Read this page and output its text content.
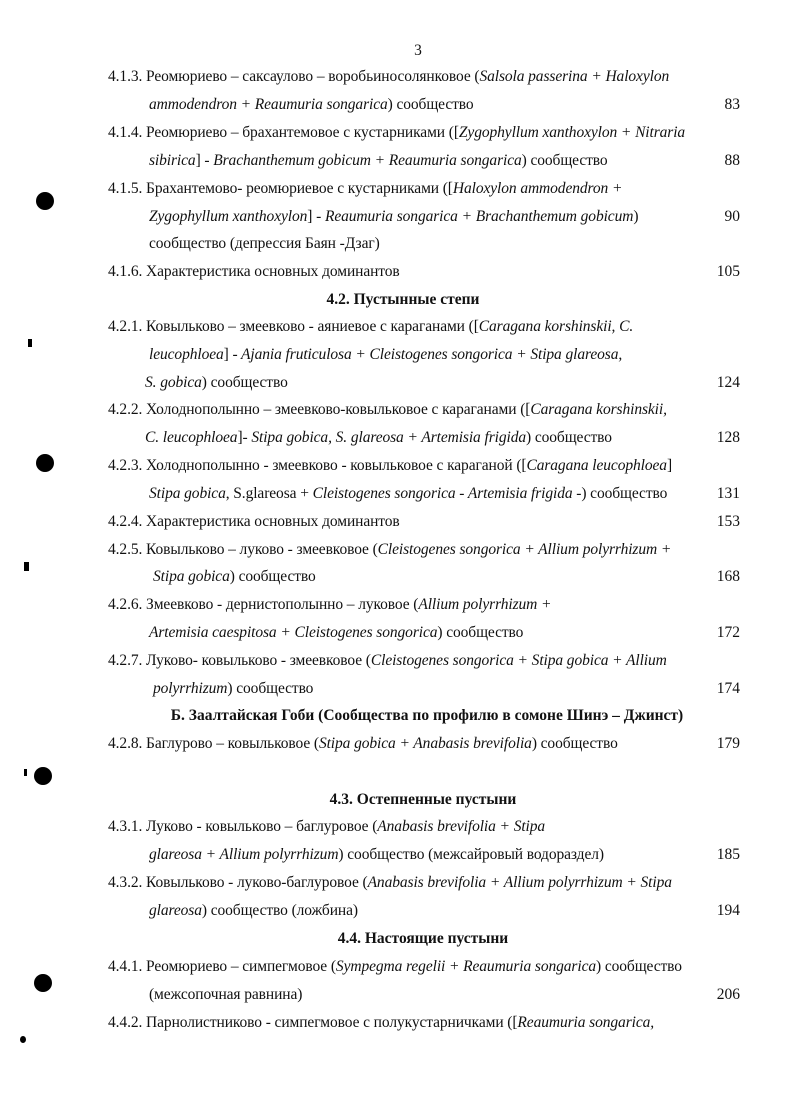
3
4.1.3. Реомюриево – саксаулово – воробьиносолянковое (Salsola passerina + Haloxylon
ammodendron + Reaumuria songarica) сообщество
4.1.4. Реомюриево – брахантемовое с кустарниками ([Zygophyllum xanthoxylon + Nitraria
sibirica] - Brachanthemum gobicum + Reaumuria songarica) сообщество
4.1.5. Брахантемово- реомюриевое с кустарниками ([Haloxylon ammodendron +
Zygophyllum xanthoxylon] - Reaumuria songarica + Brachanthemum gobicum)
сообщество (депрессия Баян -Дзаг)
4.1.6. Характеристика основных доминантов
4.2.1. Ковыльково – змеевково - аяниевое с караганами ([Caragana korshinskii, C.
leucophloea] - Ajania fruticulosa + Cleistogenes songorica + Stipa glareosa,
S. gobica) сообщество
4.2.2. Холоднополынно – змеевково-ковыльковое с караганами ([Caragana korshinskii,
C. leucophloea]- Stipa gobica, S. glareosa + Artemisia frigida) сообщество
4.2.3. Холоднополынно - змеевково - ковыльковое с караганой ([Caragana leucophloea]
Stipa gobica, S.glareosa + Cleistogenes songorica - Artemisia frigida -) сообщество
4.2.4. Характеристика основных доминантов
4.2.5. Ковыльково – луково - змеевковое (Cleistogenes songorica + Allium polyrrhizum +
Stipa gobica) сообщество
4.2.6. Змеевково - дернистополынно – луковое (Allium polyrrhizum +
Artemisia caespitosa + Cleistogenes songorica) сообщество
4.2.7. Луково- ковыльково - змеевковое (Cleistogenes songorica + Stipa gobica + Allium
polyrrhizum) сообщество
4.2.8. Баглурово – ковыльковое (Stipa gobica + Anabasis brevifolia) сообщество
4.3.1. Луково - ковыльково – баглуровое (Anabasis brevifolia + Stipa
glareosa + Allium polyrrhizum) сообщество (межсайровый водораздел)
4.3.2. Ковыльково - луково-баглуровое (Anabasis brevifolia + Allium polyrrhizum + Stipa
glareosa) сообщество (ложбина)
4.4.1. Реомюриево – симпегмовое (Sympegma regelii + Reaumuria songarica) сообщество
(межсопочная равнина)
4.4.2. Парнолистниково - симпегмовое с полукустарничками ([Reaumuria songarica,
83
88
90
105
124
128
131
153
168
172
174
179
185
194
206
4.2. Пустынные степи
Б. Заалтайская Гоби (Сообщества по профилю в сомоне Шинэ – Джинст)
4.3. Остепненные пустыни
4.4. Настоящие пустыни
